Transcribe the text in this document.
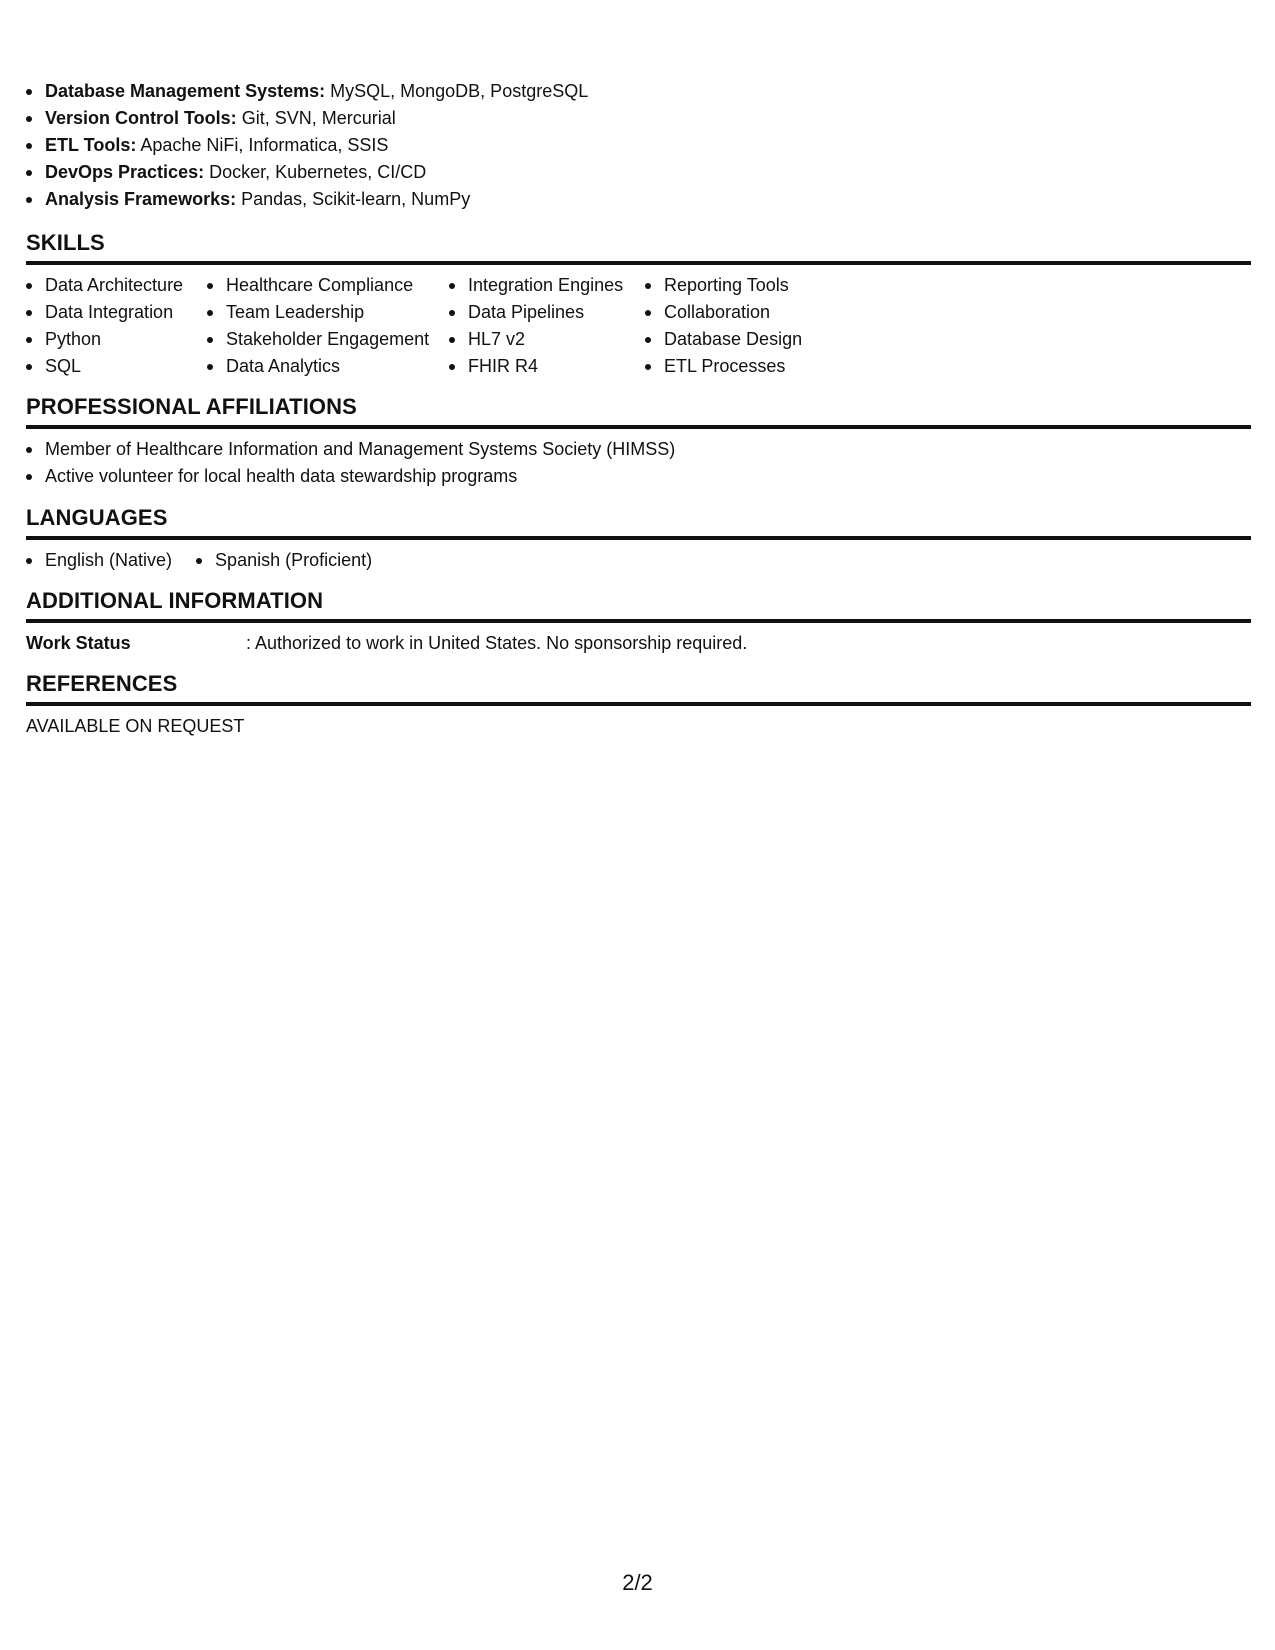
Database Management Systems: MySQL, MongoDB, PostgreSQL
Version Control Tools: Git, SVN, Mercurial
ETL Tools: Apache NiFi, Informatica, SSIS
DevOps Practices: Docker, Kubernetes, CI/CD
Analysis Frameworks: Pandas, Scikit-learn, NumPy
SKILLS
Data Architecture
Data Integration
Python
SQL
Healthcare Compliance
Team Leadership
Stakeholder Engagement
Data Analytics
Integration Engines
Data Pipelines
HL7 v2
FHIR R4
Reporting Tools
Collaboration
Database Design
ETL Processes
PROFESSIONAL AFFILIATIONS
Member of Healthcare Information and Management Systems Society (HIMSS)
Active volunteer for local health data stewardship programs
LANGUAGES
English (Native)	Spanish (Proficient)
ADDITIONAL INFORMATION
Work Status	: Authorized to work in United States. No sponsorship required.
REFERENCES
AVAILABLE ON REQUEST
2/2
